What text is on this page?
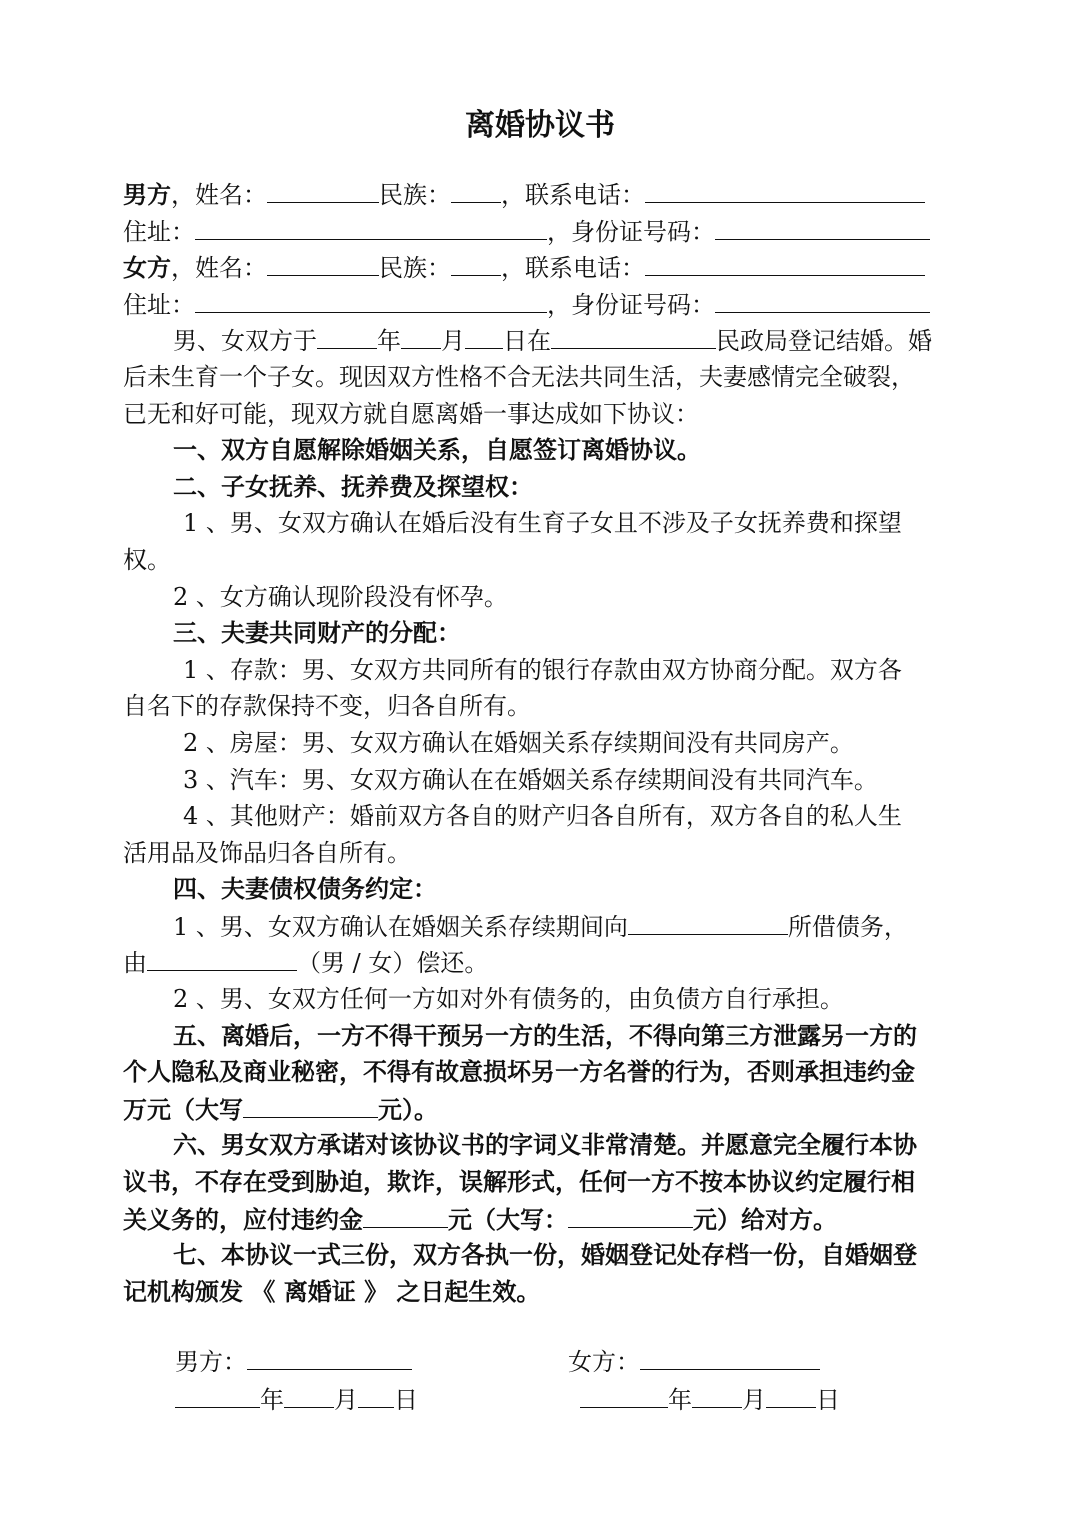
离婚协议书
男方，姓名：	民族： ，联系电话：
住址：	，身份证号码：
女方，姓名：	民族： ，联系电话：
住址：	，身份证号码：
男、女双方于	年 月 日在	民政局登记结婚。婚
后未生育一个子女。现因双方性格不合无法共同生活，夫妻感情完全破裂，
已无和好可能，现双方就自愿离婚一事达成如下协议：
一、双方自愿解除婚姻关系，自愿签订离婚协议。
二、子女抚养、抚养费及探望权：
1 、男、女双方确认在婚后没有生育子女且不涉及子女抚养费和探望
权。
2 、女方确认现阶段没有怀孕。
三、夫妻共同财产的分配：
1 、存款：男、女双方共同所有的银行存款由双方协商分配。双方各
自名下的存款保持不变，归各自所有。
2 、房屋：男、女双方确认在婚姻关系存续期间没有共同房产。
3 、汽车：男、女双方确认在在婚姻关系存续期间没有共同汽车。
4 、其他财产：婚前双方各自的财产归各自所有，双方各自的私人生
活用品及饰品归各自所有。
四、夫妻债权债务约定：
1 、男、女双方确认在婚姻关系存续期间向	所借债务，
由	（男 / 女）偿还。
2 、男、女双方任何一方如对外有债务的，由负债方自行承担。
五、离婚后，一方不得干预另一方的生活，不得向第三方泄露另一方的
个人隐私及商业秘密，不得有故意损坏另一方名誉的行为，否则承担违约金
万元（大写	元）。
六、男女双方承诺对该协议书的字词义非常清楚。并愿意完全履行本协
议书，不存在受到胁迫，欺诈，误解形式，任何一方不按本协议约定履行相
关义务的，应付违约金	元（大写：	元）给对方。
七、本协议一式三份，双方各执一份，婚姻登记处存档一份，自婚姻登
记机构颁发 《 离婚证 》 之日起生效。
男方：	女方：
年 月 日	年 月 日
